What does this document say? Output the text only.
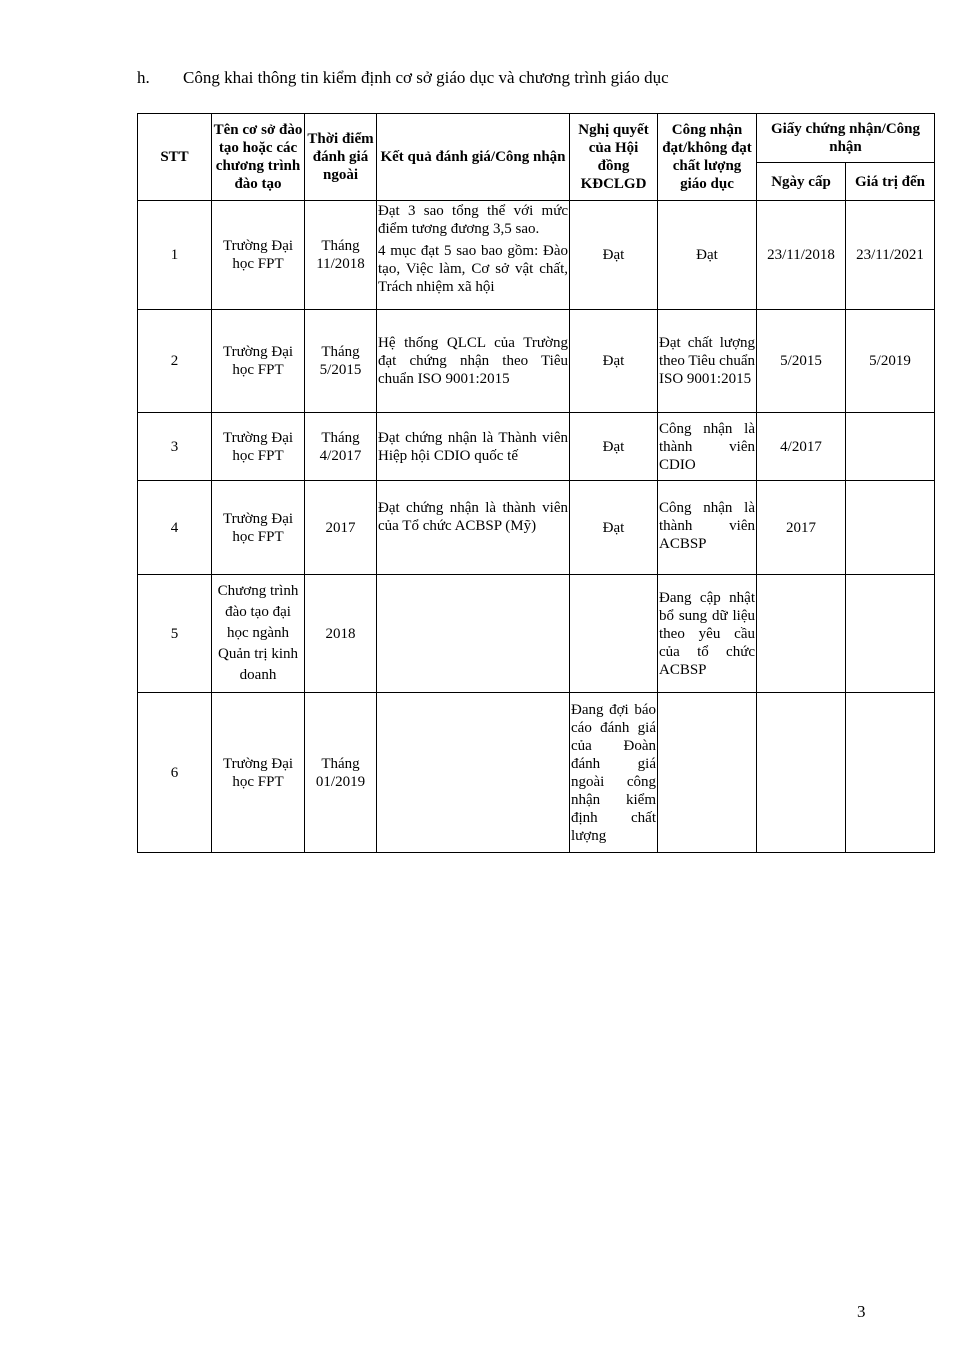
h. Công khai thông tin kiểm định cơ sở giáo dục và chương trình giáo dục
STT	Tên cơ sở đào tạo hoặc các chương trình đào tạo	Thời điểm đánh giá ngoài	Kết quả đánh giá/Công nhận	Nghị quyết của Hội đồng KĐCLGD	Công nhận đạt/không đạt chất lượng giáo dục	Giấy chứng nhận/Công nhận	
						Ngày cấp	Giá trị đến
1	Trường Đại học FPT	Tháng 11/2018	Đạt 3 sao tổng thể với mức điểm tương đương 3,5 sao.

4 mục đạt 5 sao bao gồm: Đào tạo, Việc làm, Cơ sở vật chất, Trách nhiệm xã hội	Đạt	Đạt	23/11/2018	23/11/2021
2	Trường Đại học FPT	Tháng 5/2015	Hệ thống QLCL của Trường đạt chứng nhận theo Tiêu chuẩn ISO 9001:2015	Đạt	Đạt chất lượng theo Tiêu chuẩn ISO 9001:2015	5/2015	5/2019
3	Trường Đại học FPT	Tháng 4/2017	Đạt chứng nhận là Thành viên Hiệp hội CDIO quốc tế	Đạt	Công nhận là thành viên CDIO	4/2017	
4	Trường Đại học FPT	2017	Đạt chứng nhận là thành viên của Tổ chức ACBSP (Mỹ)	Đạt	Công nhận là thành viên ACBSP	2017	
5	Chương trình đào tạo đại học ngành Quản trị kinh doanh	2018			Đang cập nhật bổ sung dữ liệu theo yêu cầu của tổ chức ACBSP		
6	Trường Đại học FPT	Tháng 01/2019		Đang đợi báo cáo đánh giá của Đoàn đánh giá ngoài công nhận kiểm định chất lượng			
3
